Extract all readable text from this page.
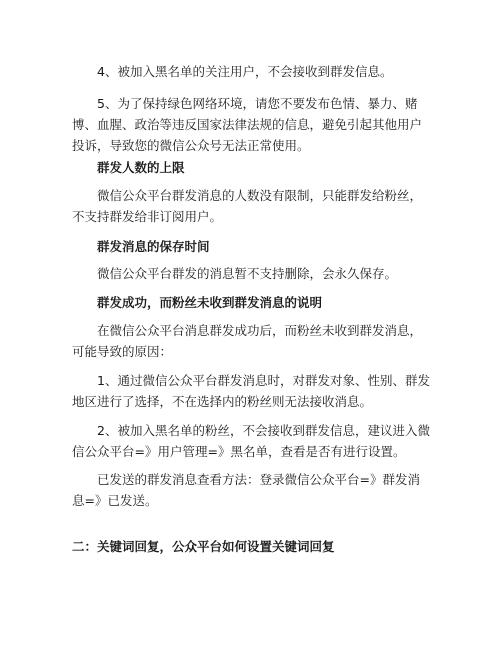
4、被加入黑名单的关注用户，不会接收到群发信息。

5、为了保持绿色网络环境，请您不要发布色情、暴力、赌博、血腥、政治等违反国家法律法规的信息，避免引起其他用户投诉，导致您的微信公众号无法正常使用。

群发人数的上限

微信公众平台群发消息的人数没有限制，只能群发给粉丝，不支持群发给非订阅用户。

群发消息的保存时间

微信公众平台群发的消息暂不支持删除，会永久保存。

群发成功，而粉丝未收到群发消息的说明

在微信公众平台消息群发成功后，而粉丝未收到群发消息，可能导致的原因：

1、通过微信公众平台群发消息时，对群发对象、性别、群发地区进行了选择，不在选择内的粉丝则无法接收消息。

2、被加入黑名单的粉丝，不会接收到群发信息，建议进入微信公众平台=》用户管理=》黑名单，查看是否有进行设置。

已发送的群发消息查看方法：登录微信公众平台=》群发消息=》已发送。

二：关键词回复，公众平台如何设置关键词回复
